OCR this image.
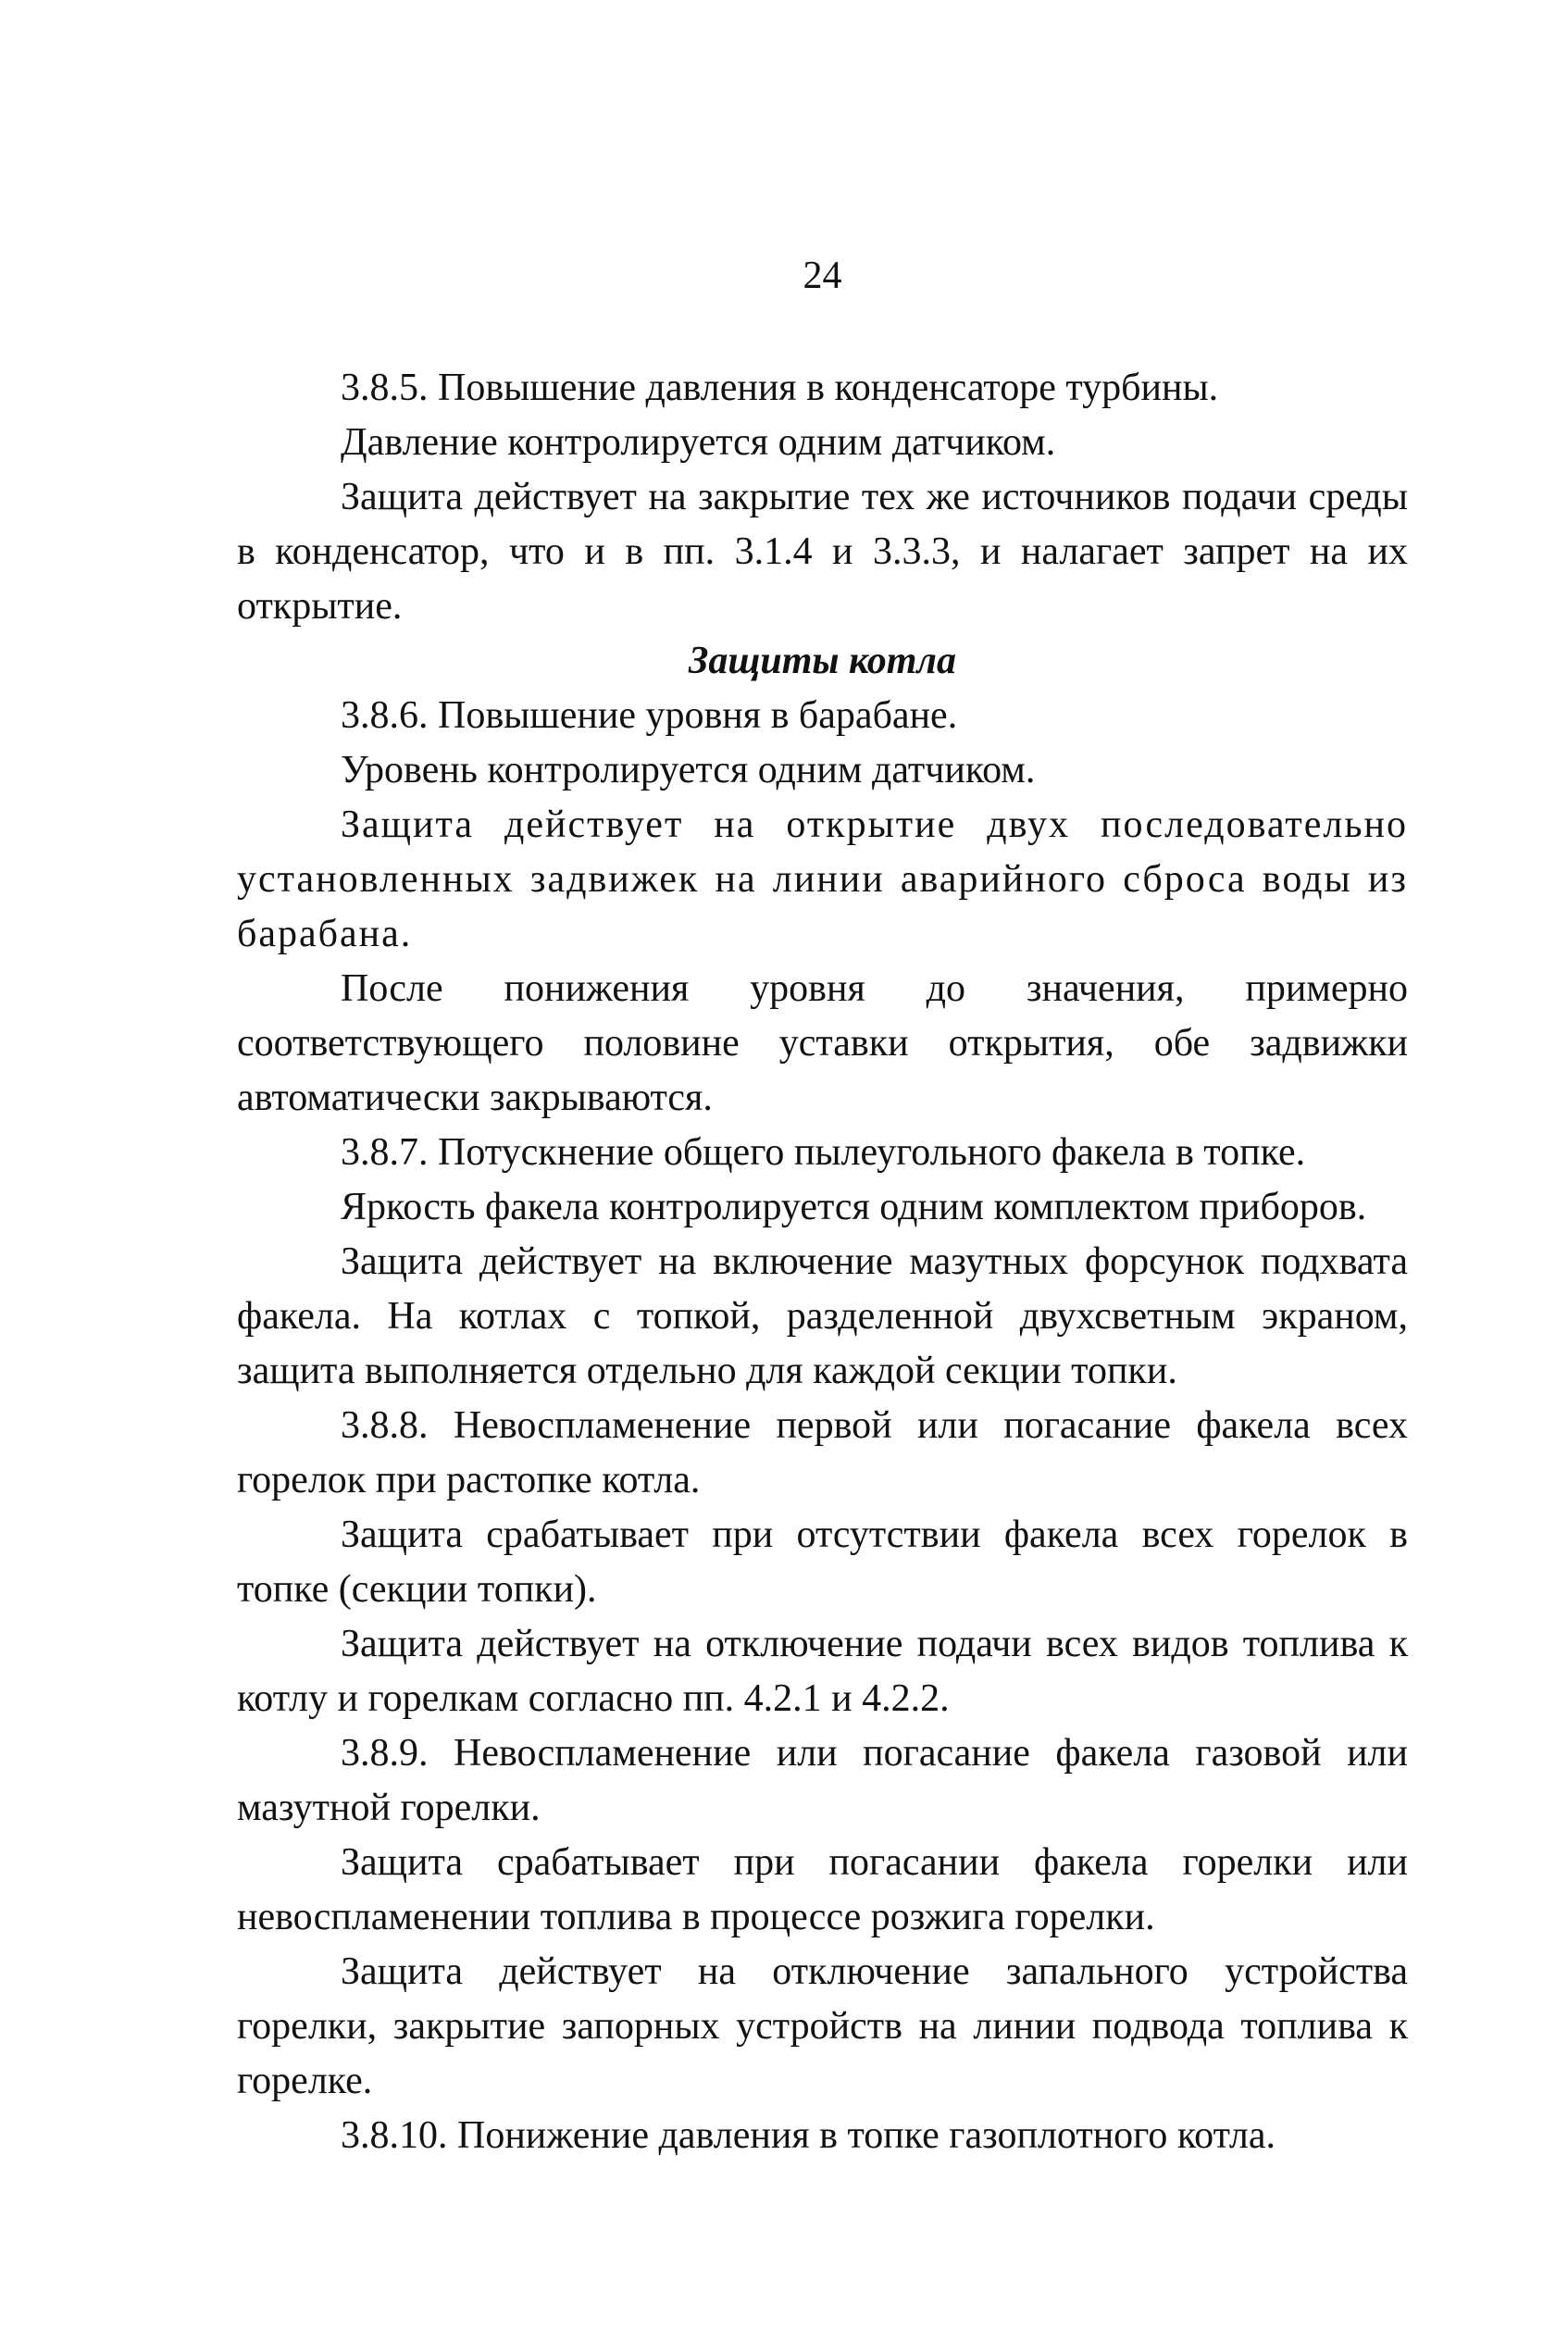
24

3.8.5. Повышение давления в конденсаторе турбины.

Давление контролируется одним датчиком.

Защита действует на закрытие тех же источников подачи среды в конденсатор, что и в пп. 3.1.4 и 3.3.3, и налагает запрет на их открытие.

Защиты котла

3.8.6. Повышение уровня в барабане.

Уровень контролируется одним датчиком.

Защита действует на открытие двух последовательно установленных задвижек на линии аварийного сброса воды из барабана.

После понижения уровня до значения, примерно соответствующего половине уставки открытия, обе задвижки автоматически закрываются.

3.8.7. Потускнение общего пылеугольного факела в топке.

Яркость факела контролируется одним комплектом приборов.

Защита действует на включение мазутных форсунок подхвата факела. На котлах с топкой, разделенной двухсветным экраном, защита выполняется отдельно для каждой секции топки.

3.8.8. Невоспламенение первой или погасание факела всех горелок при растопке котла.

Защита срабатывает при отсутствии факела всех горелок в топке (секции топки).

Защита действует на отключение подачи всех видов топлива к котлу и горелкам согласно пп. 4.2.1 и 4.2.2.

3.8.9. Невоспламенение или погасание факела газовой или мазутной горелки.

Защита срабатывает при погасании факела горелки или невоспламенении топлива в процессе розжига горелки.

Защита действует на отключение запального устройства горелки, закрытие запорных устройств на линии подвода топлива к горелке.

3.8.10. Понижение давления в топке газоплотного котла.
